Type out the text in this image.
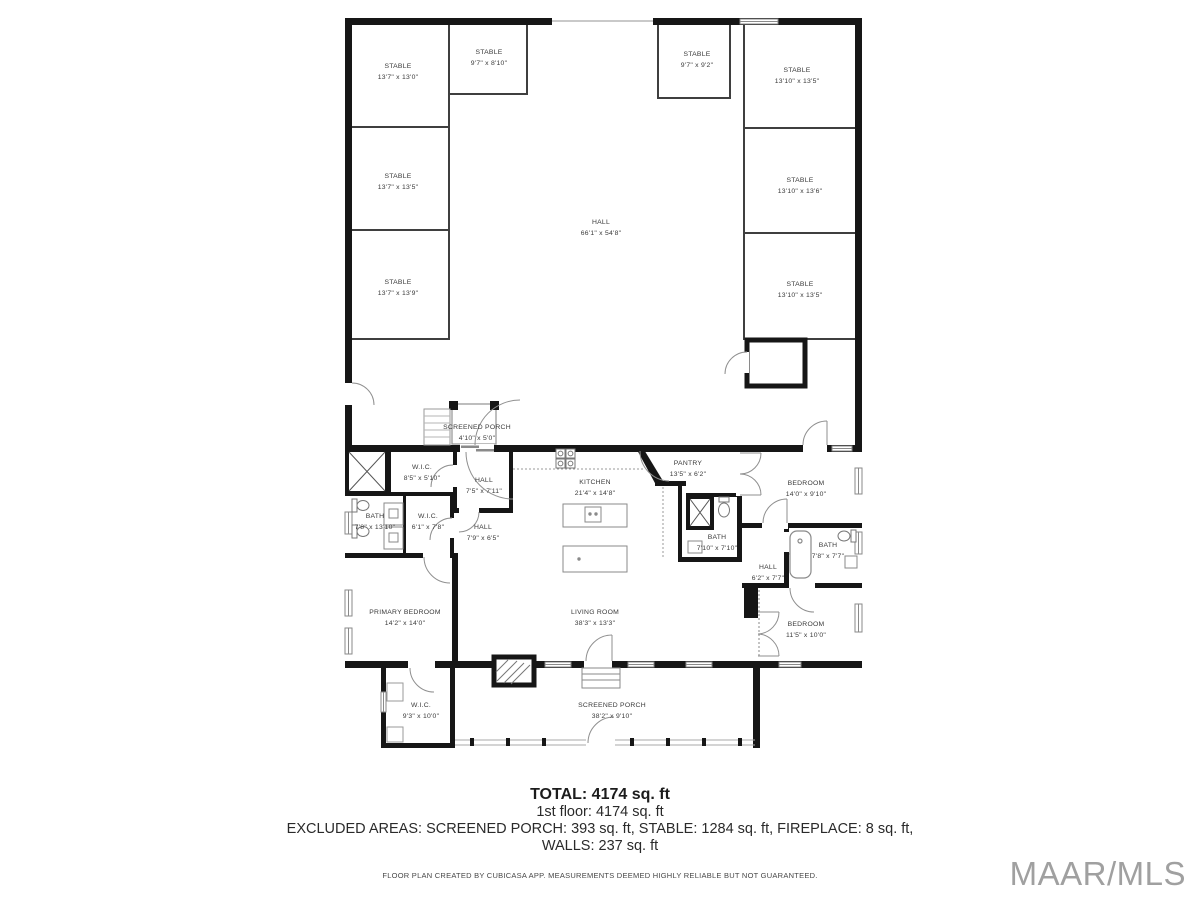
STABLE
13'7" x 13'0"
STABLE
9'7" x 8'10"
STABLE
9'7" x 9'2"
STABLE
13'10" x 13'5"
STABLE
13'7" x 13'5"
STABLE
13'10" x 13'6"
HALL
66'1" x 54'8"
STABLE
13'7" x 13'9"
STABLE
13'10" x 13'5"
SCREENED PORCH
4'10" x 5'0"
W.I.C.
8'5" x 5'10"	HALL
7'5" x 7'11"
KITCHEN
21'4" x 14'8"
PANTRY
13'5" x 6'2"
BEDROOM
14'0" x 9'10"
BATH
7'8" x 13'10"
W.I.C.
6'1" x 7'8"	HALL
7'9" x 6'5"	BATH
7'10" x 7'10"	BATH
7'8" x 7'7"
HALL
6'2" x 7'7"
PRIMARY BEDROOM
14'2" x 14'0"
LIVING ROOM
38'3" x 13'3"	BEDROOM
11'5" x 10'0"
W.I.C.
9'3" x 10'0"
SCREENED PORCH
38'2" x 9'10"
TOTAL: 4174 sq. ft
1st floor: 4174 sq. ft
EXCLUDED AREAS: SCREENED PORCH: 393 sq. ft, STABLE: 1284 sq. ft, FIREPLACE: 8 sq. ft,
WALLS: 237 sq. ft
FLOOR PLAN CREATED BY CUBICASA APP. MEASUREMENTS DEEMED HIGHLY RELIABLE BUT NOT GUARANTEED.	MAAR/MLS
